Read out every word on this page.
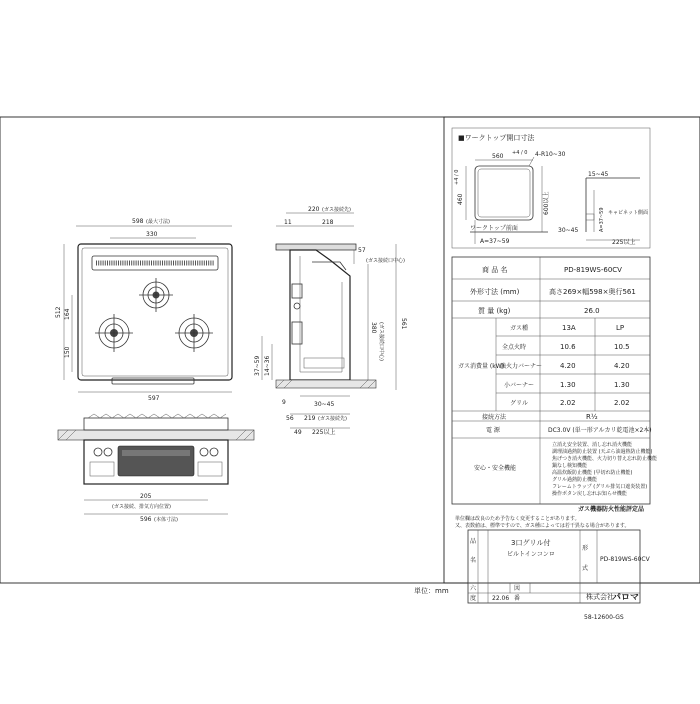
■ワークトップ開口寸法
560 +4 / 0 4-R10~30
460
+4 / 0
600以上
ワークトップ前面
A=37~59
15~45
30~45	A=37~59 キャビネット側面
225以上
598 (最大寸法)
330
512 164
150
597
205
(ガス接続、排気方向位置)
596 (本体寸法)
220 (ガス接続先)
11	218
57
(ガス接続口中心)
561
380 (ガス接続口中心)
37~59 14~36
9	30~45
56 219 (ガス接続先)
49 225以上
商 品 名	PD-819WS-60CV
外形寸法 (mm)	高さ269×幅598×奥行561
質 量 (kg)	26.0
ガス消費量 (kW)
ガス種	13A	LP
全点火時	10.6	10.5
強火力バーナー	4.20	4.20
小バーナー	1.30	1.30
グリル	2.02	2.02
接続方法	R½
電 源	DC3.0V (単一形アルカリ乾電池×2本)
安心・安全機能
立消え安全装置、消し忘れ消火機能
調理油過熱防止装置 (天ぷら油過熱防止機能)
焦げつき消火機能、火力切り替え忘れ防止機能
鍋なし検知機能
高温炊飯防止機能 (早切れ防止機能)
グリル過熱防止機能
フレームトラップ (グリル排気口遮炎装置)
操作ボタン戻し忘れお知らせ機能
ガス機器防火性能評定品
単位欄は改良のため予告なく変更することがあります。
又、表数値は、標準ですので、ガス種によっては若干異なる場合があります。
品
名
3口グリル付
ビルトインコンロ
形
式
PD-819WS-60CV
六
度
図
番
22.06	株式会社
パロマ
単位：mm
58-12600-GS
